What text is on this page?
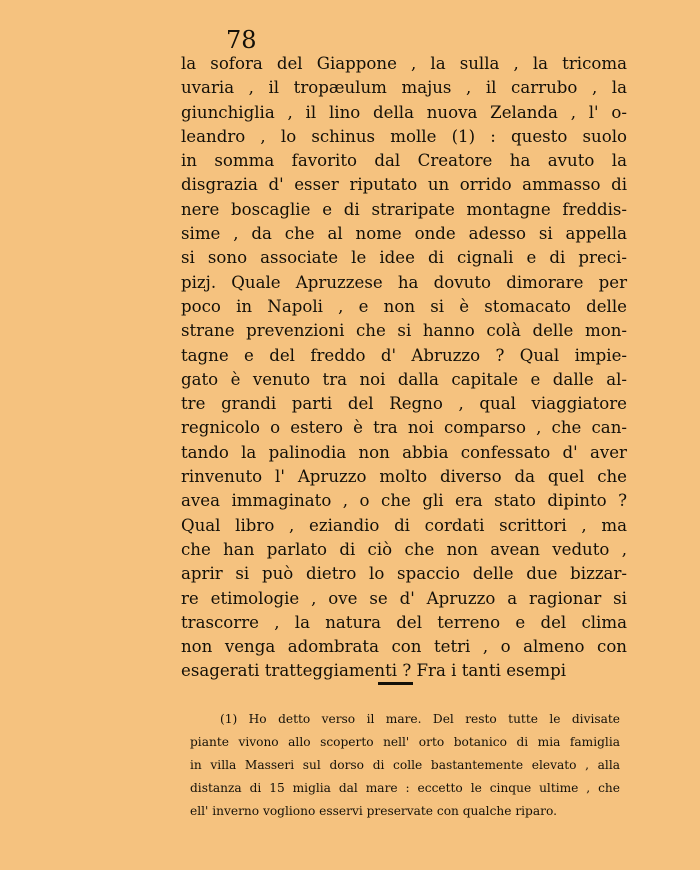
78
la sofora del Giappone , la sulla , la tricoma
uvaria , il tropæulum majus , il carrubo , la
giunchiglia , il lino della nuova Zelanda , l' o-
leandro , lo schinus molle (1) : questo suolo
in somma favorito dal Creatore ha avuto la
disgrazia d' esser riputato un orrido ammasso di
nere boscaglie e di straripate montagne freddis-
sime , da che al nome onde adesso si appella
si sono associate le idee di cignali e di preci-
pizj. Quale Apruzzese ha dovuto dimorare per
poco in Napoli , e non si è stomacato delle
strane prevenzioni che si hanno colà delle mon-
tagne e del freddo d' Abruzzo ? Qual impie-
gato è venuto tra noi dalla capitale e dalle al-
tre grandi parti del Regno , qual viaggiatore
regnicolo o estero è tra noi comparso , che can-
tando la palinodia non abbia confessato d' aver
rinvenuto l' Apruzzo molto diverso da quel che
avea immaginato , o che gli era stato dipinto ?
Qual libro , eziandio di cordati scrittori , ma
che han parlato di ciò che non avean veduto ,
aprir si può dietro lo spaccio delle due bizzar-
re etimologie , ove se d' Apruzzo a ragionar si
trascorre , la natura del terreno e del clima
non venga adombrata con tetri , o almeno con
esagerati tratteggiamenti ? Fra i tanti esempi
(1) Ho detto verso il mare. Del resto tutte le divisate
piante vivono allo scoperto nell' orto botanico di mia famiglia
in villa Masseri sul dorso di colle bastantemente elevato , alla
distanza di 15 miglia dal mare : eccetto le cinque ultime , che
ell' inverno vogliono esservi preservate con qualche riparo.
